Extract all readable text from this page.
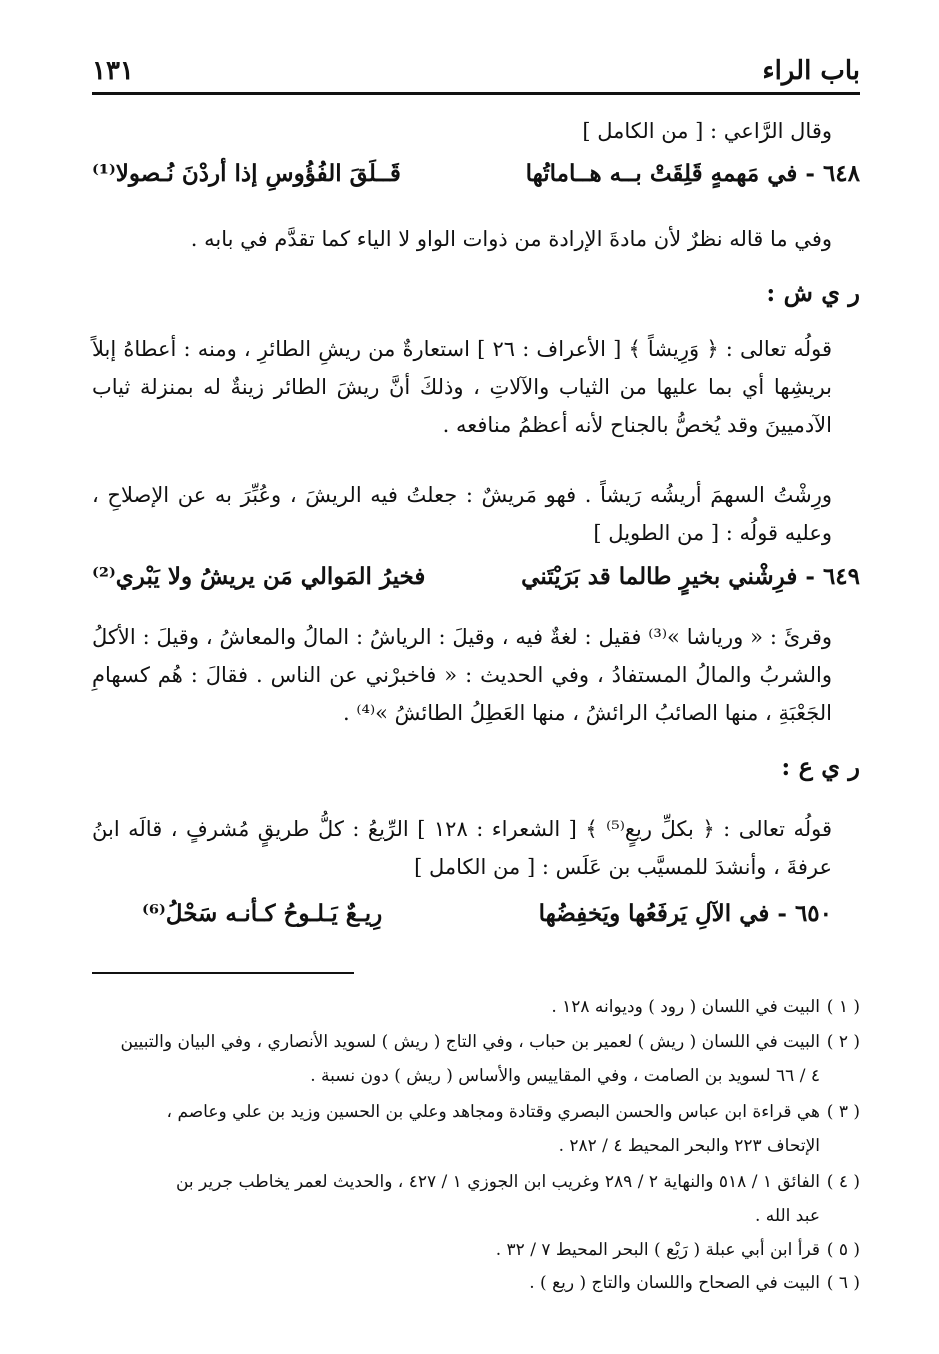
باب الراء
١٣١
وقال الرَّاعي : [ من الكامل ]
٦٤٨ - في مَهمهٍ قَلِقَتْ بــه هــاماتُها
قَــلَقَ الفُؤُوسِ إذا أردْنَ نُـصولا⁽¹⁾
وفي ما قاله نظرٌ لأن مادةَ الإرادة من ذوات الواو لا الياء كما تقدَّم في بابه .
ر ي ش :
قولُه تعالى : ﴿ وَرِيشاً ﴾ [ الأعراف : ٢٦ ] استعارةٌ من ريشِ الطائرِ ، ومنه : أعطاهُ إبلاً بريشِها أي بما عليها من الثياب والآلاتِ ، وذلكَ أنَّ ريشَ الطائر زينةٌ له بمنزلة ثياب الآدميينَ وقد يُخصُّ بالجناح لأنه أعظمُ منافعه .
ورِشْتُ السهمَ أريشُه رَيشاً . فهو مَريشٌ : جعلتُ فيه الريشَ ، وعُبِّرَ به عن الإصلاحِ ، وعليه قولُه : [ من الطويل ]
٦٤٩ - فرِشْني بخيرٍ طالما قد بَرَيْتَني
فخيرُ المَوالي مَن يريشُ ولا يَبْري⁽²⁾
وقرئَ : « ورياشا »⁽³⁾ فقيل : لغةٌ فيه ، وقيلَ : الرياشُ : المالُ والمعاشُ ، وقيلَ : الأكلُ والشربُ والمالُ المستفادُ ، وفي الحديث : « فاخبرْني عن الناس . فقالَ : هُم كسهامِ الجَعْبَةِ ، منها الصائبُ الرائشُ ، منها العَطِلُ الطائشُ »⁽⁴⁾ .
ر ي ع :
قولُه تعالى : ﴿ بكلِّ ريعٍ⁽⁵⁾ ﴾ [ الشعراء : ١٢٨ ] الرِّيعُ : كلُّ طريقٍ مُشرفٍ ، قالَه ابنُ عرفةَ ، وأنشدَ للمسيَّب بن عَلَس : [ من الكامل ]
٦٥٠ - في الآلِ يَرفَعُها ويَخفِضُها
رِيـعٌ يَـلـوحُ كـأنـه سَحْلُ⁽⁶⁾
( ١ )البيت في اللسان ( رود ) وديوانه ١٢٨ .
( ٢ )البيت في اللسان ( ريش ) لعمير بن حباب ، وفي التاج ( ريش ) لسويد الأنصاري ، وفي البيان والتبيين
٤ / ٦٦ لسويد بن الصامت ، وفي المقاييس والأساس ( ريش ) دون نسبة .
( ٣ )هي قراءة ابن عباس والحسن البصري وقتادة ومجاهد وعلي بن الحسين وزيد بن علي وعاصم ،
الإتحاف ٢٢٣ والبحر المحيط ٤ / ٢٨٢ .
( ٤ )الفائق ١ / ٥١٨ والنهاية ٢ / ٢٨٩ وغريب ابن الجوزي ١ / ٤٢٧ ، والحديث لعمر يخاطب جرير بن
عبد الله .
( ٥ )قرأ ابن أبي عبلة ( رَيْع ) البحر المحيط ٧ / ٣٢ .
( ٦ )البيت في الصحاح واللسان والتاج ( ريع ) .
